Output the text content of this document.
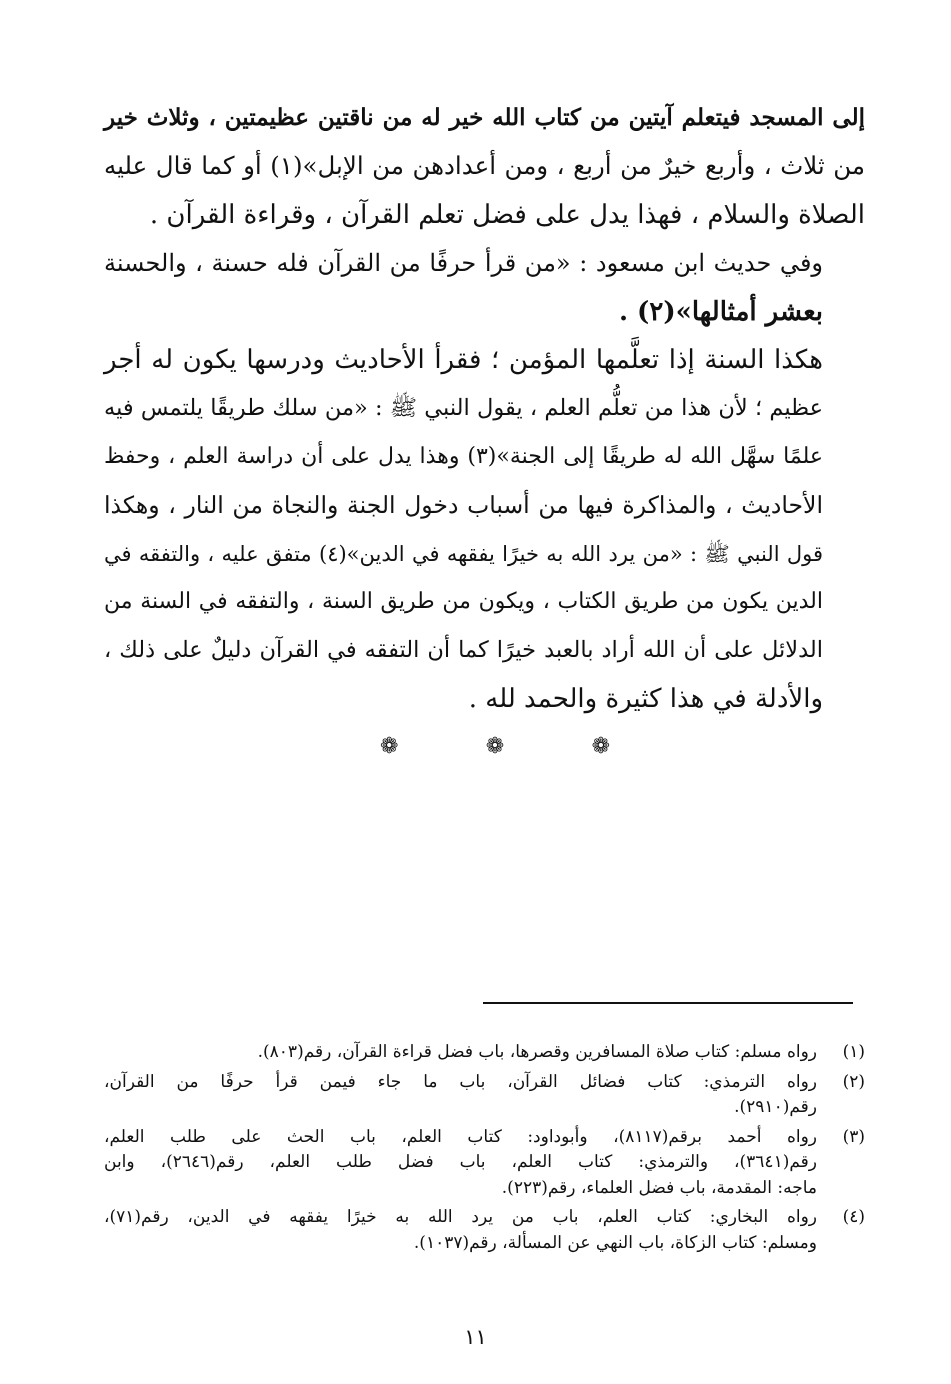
إلى المسجد فيتعلم آيتين من كتاب الله خير له من ناقتين عظيمتين ، وثلاث خير
من ثلاث ، وأربع خيرٌ من أربع ، ومن أعدادهن من الإبل»(١) أو كما قال عليه
الصلاة والسلام ، فهذا يدل على فضل تعلم القرآن ، وقراءة القرآن .

وفي حديث ابن مسعود : «من قرأ حرفًا من القرآن فله حسنة ، والحسنة
بعشر أمثالها»(٢) .

هكذا السنة إذا تعلَّمها المؤمن ؛ فقرأ الأحاديث ودرسها يكون له أجر
عظيم ؛ لأن هذا من تعلُّم العلم ، يقول النبي ﷺ : «من سلك طريقًا يلتمس فيه
علمًا سهَّل الله له طريقًا إلى الجنة»(٣) وهذا يدل على أن دراسة العلم ، وحفظ
الأحاديث ، والمذاكرة فيها من أسباب دخول الجنة والنجاة من النار ، وهكذا
قول النبي ﷺ : «من يرد الله به خيرًا يفقهه في الدين»(٤) متفق عليه ، والتفقه في
الدين يكون من طريق الكتاب ، ويكون من طريق السنة ، والتفقه في السنة من
الدلائل على أن الله أراد بالعبد خيرًا كما أن التفقه في القرآن دليلٌ على ذلك ،
والأدلة في هذا كثيرة والحمد لله .

❁	❁	❁
(١)
رواه مسلم: كتاب صلاة المسافرين وقصرها، باب فضل قراءة القرآن، رقم(٨٠٣).
(٢)
رواه الترمذي: كتاب فضائل القرآن، باب ما جاء فيمن قرأ حرفًا من القرآن،
رقم(٢٩١٠).
(٣)
رواه أحمد برقم(٨١١٧)، وأبوداود: كتاب العلم، باب الحث على طلب العلم،
رقم(٣٦٤١)، والترمذي: كتاب العلم، باب فضل طلب العلم، رقم(٢٦٤٦)، وابن
ماجه: المقدمة، باب فضل العلماء، رقم(٢٢٣).
(٤)
رواه البخاري: كتاب العلم، باب من يرد الله به خيرًا يفقهه في الدين، رقم(٧١)،
ومسلم: كتاب الزكاة، باب النهي عن المسألة، رقم(١٠٣٧).
١١
